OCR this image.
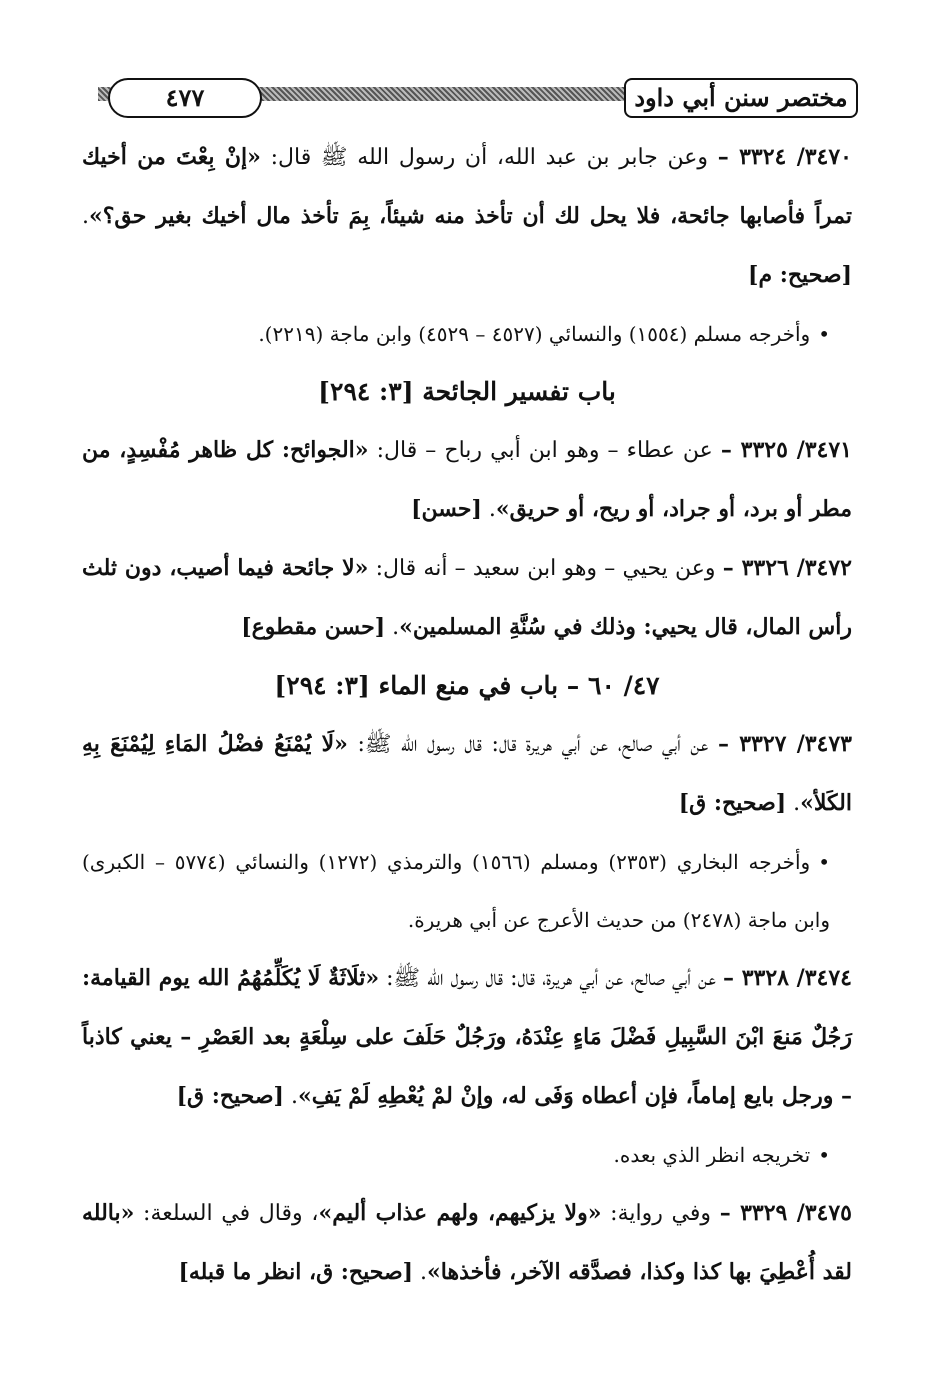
٤٧٧	مختصر سنن أبي داود

٣٤٧٠/ ٣٣٢٤ – وعن جابر بن عبد الله، أن رسول الله ﷺ قال: «إنْ بِعْتَ من أخيك تمراً فأصابها جائحة، فلا يحل لك أن تأخذ منه شيئاً، بِمَ تأخذ مال أخيك بغير حق؟». [صحيح: م]

•وأخرجه مسلم (١٥٥٤) والنسائي (٤٥٢٧ – ٤٥٢٩) وابن ماجة (٢٢١٩).

باب تفسير الجائحة [٣: ٢٩٤]

٣٤٧١/ ٣٣٢٥ – عن عطاء – وهو ابن أبي رباح – قال: «الجوائح: كل ظاهر مُفْسِدٍ، من مطر أو برد، أو جراد، أو ريح، أو حريق». [حسن]

٣٤٧٢/ ٣٣٢٦ – وعن يحيي – وهو ابن سعيد – أنه قال: «لا جائحة فيما أصيب، دون ثلث رأس المال، قال يحيي: وذلك في سُنَّةِ المسلمين». [حسن مقطوع]

٤٧/ ٦٠ – باب في منع الماء [٣: ٢٩٤]

٣٤٧٣/ ٣٣٢٧ – عن أبي صالح، عن أبي هريرة قال: قال رسول الله ﷺ: «لَا يُمْنَعُ فضْلُ المَاءِ لِيُمْنَعَ بِهِ الكَلأ». [صحيح: ق]

•وأخرجه البخاري (٢٣٥٣) ومسلم (١٥٦٦) والترمذي (١٢٧٢) والنسائي (٥٧٧٤ – الكبرى) وابن ماجة (٢٤٧٨) من حديث الأعرج عن أبي هريرة.

٣٤٧٤/ ٣٣٢٨ – عن أبي صالح، عن أبي هريرة، قال: قال رسول الله ﷺ: «ثلَاثَةٌ لَا يُكَلِّمُهُمُ الله يوم القيامة: رَجُلٌ مَنعَ ابْنَ السَّبِيلِ فَضْلَ مَاءٍ عِنْدَهُ، ورَجُلٌ حَلَفَ على سِلْعَةٍ بعد العَصْرِ – يعني كاذباً – ورجل بايع إماماً، فإن أعطاه وَفَى له، وإنْ لمْ يُعْطِهِ لَمْ يَفِ». [صحيح: ق]

•تخريجه انظر الذي بعده.

٣٤٧٥/ ٣٣٢٩ – وفي رواية: «ولا يزكيهم، ولهم عذاب أليم»، وقال في السلعة: «بالله لقد أُعْطِيَ بها كذا وكذا، فصدَّقه الآخر، فأخذها». [صحيح: ق، انظر ما قبله]
